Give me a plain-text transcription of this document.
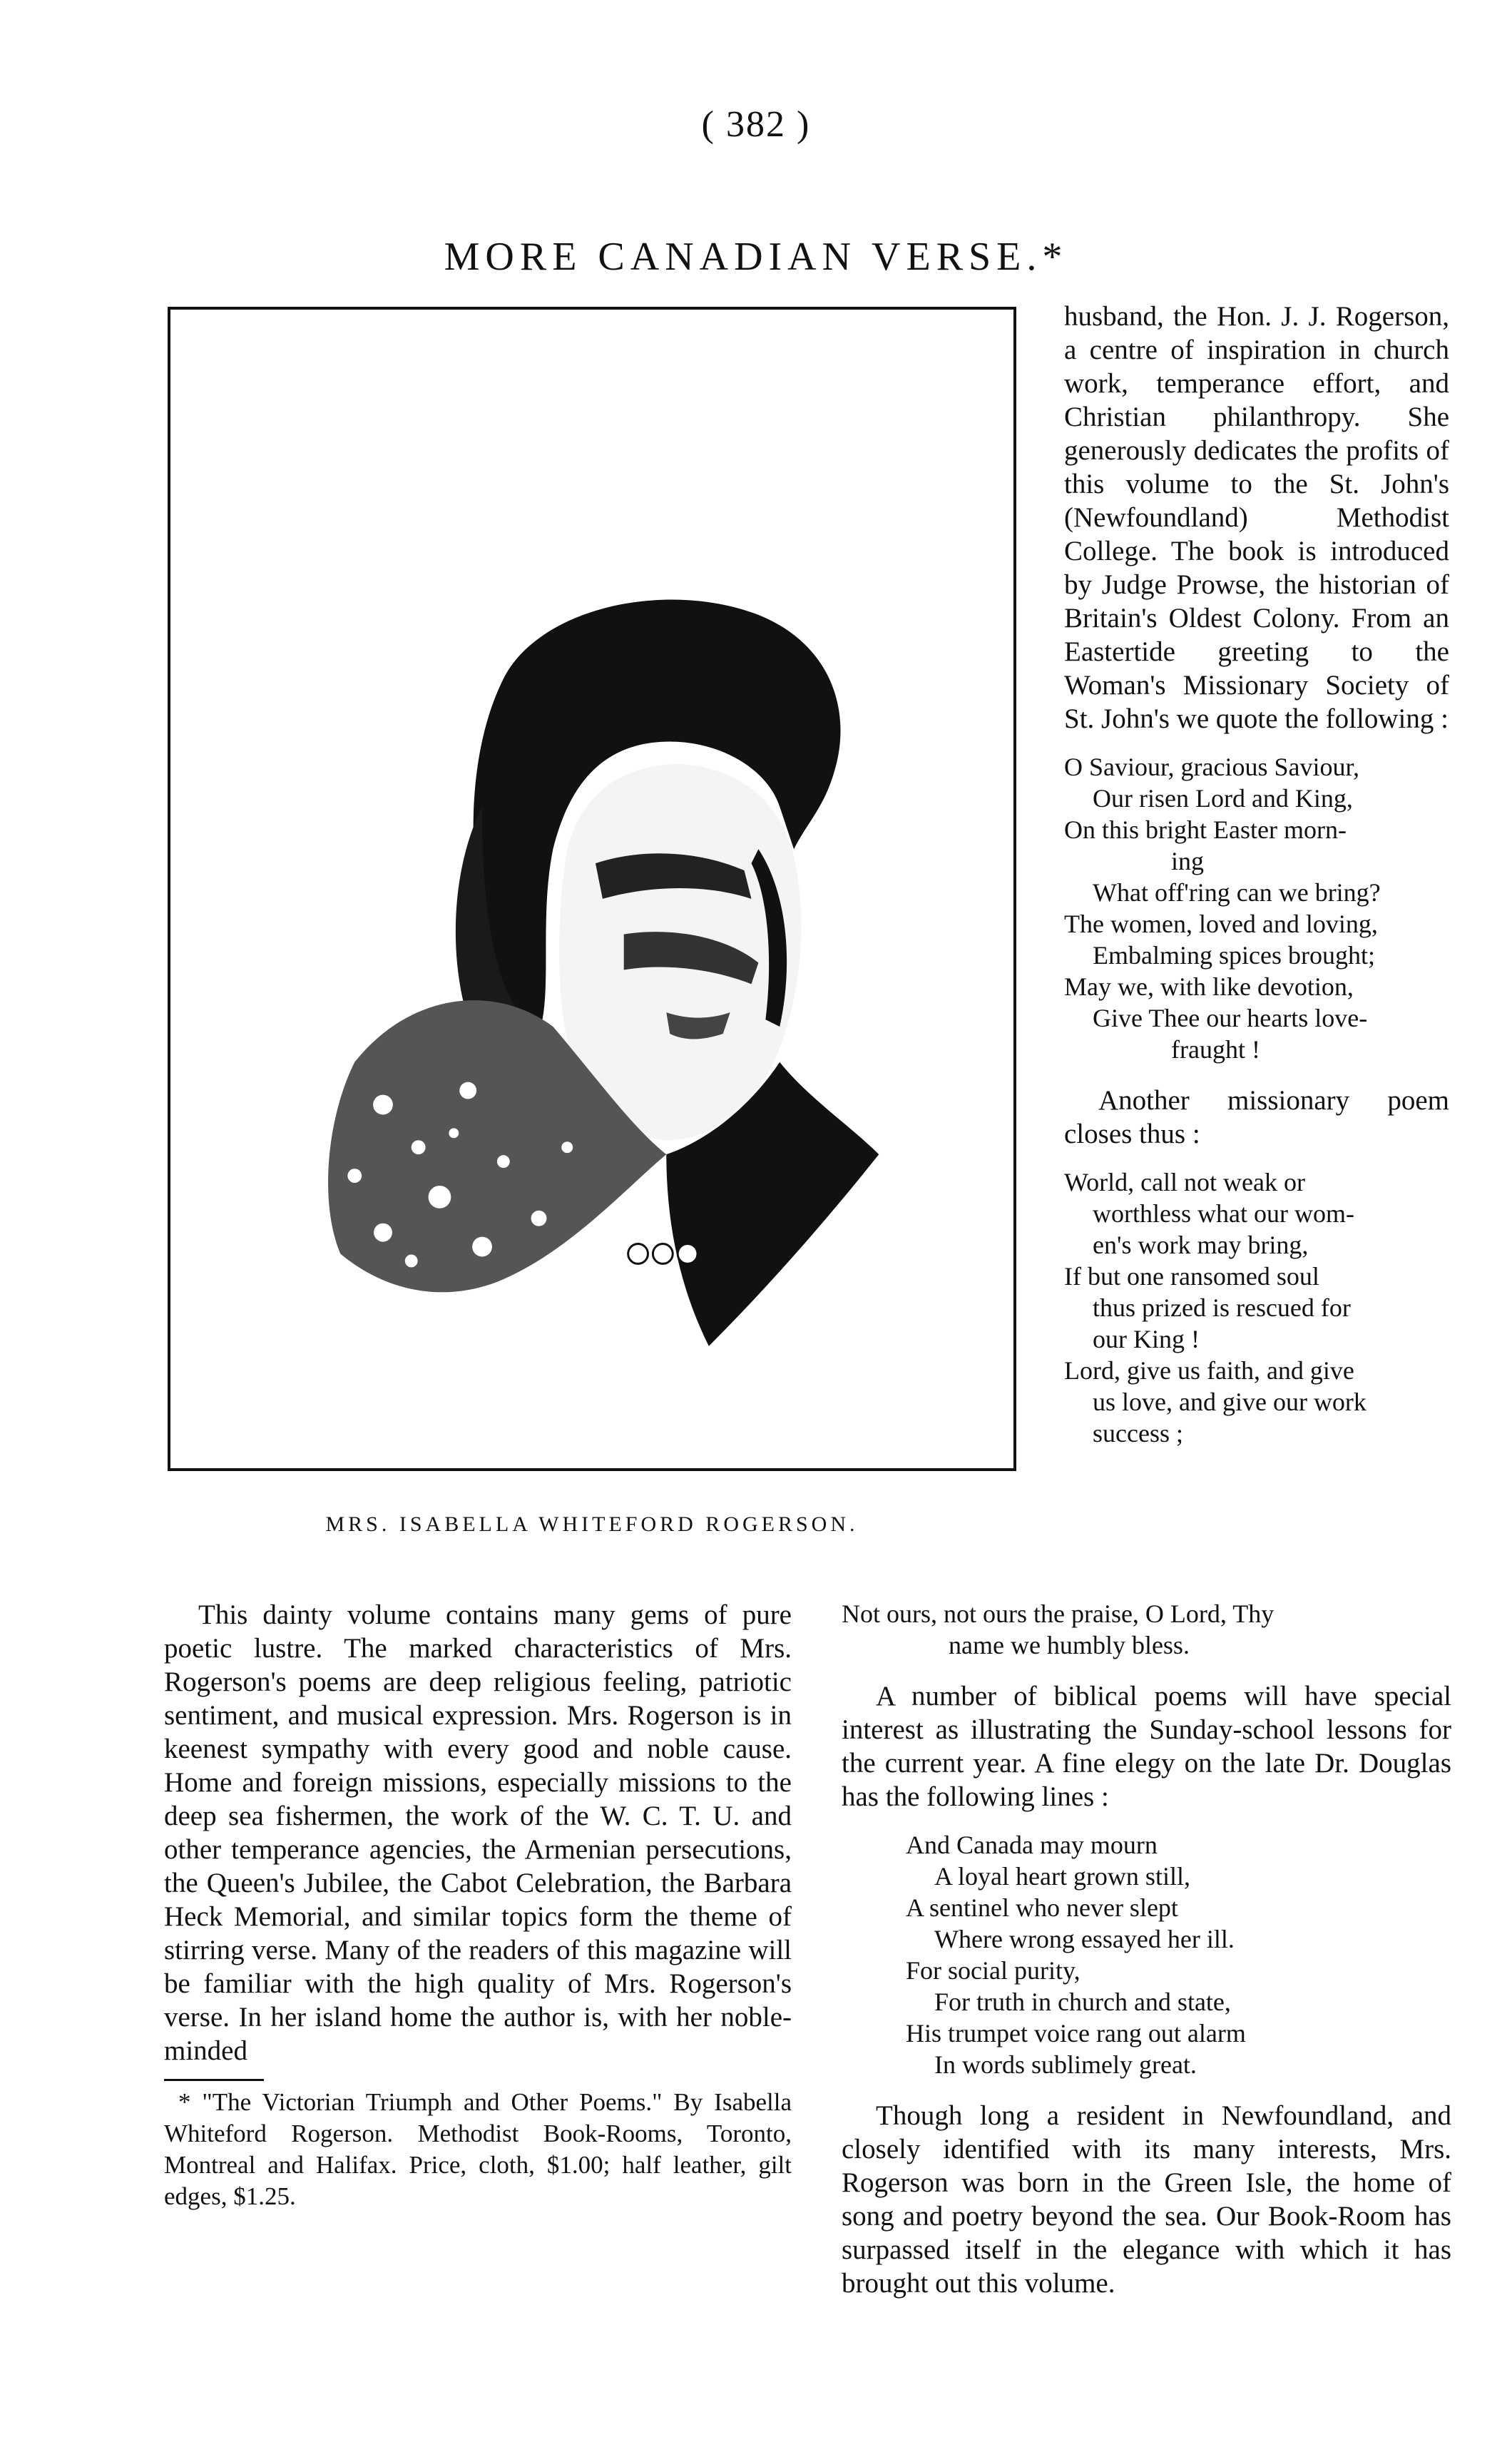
( 382 )
MORE CANADIAN VERSE.*
MRS. ISABELLA WHITEFORD ROGERSON.

husband, the Hon. J. J. Rogerson, a centre of inspiration in church work, temperance effort, and Christian philanthropy. She generously dedicates the profits of this volume to the St. John's (Newfoundland) Methodist College. The book is introduced by Judge Prowse, the historian of Britain's Oldest Colony. From an Eastertide greeting to the Woman's Missionary Society of St. John's we quote the following :

O Saviour, gracious Saviour,
Our risen Lord and King,
On this bright Easter morn-
ing
What off'ring can we bring?
The women, loved and loving,
Embalming spices brought;
May we, with like devotion,
Give Thee our hearts love-
fraught !

Another missionary poem closes thus :

World, call not weak or
worthless what our wom-
en's work may bring,
If but one ransomed soul
thus prized is rescued for
our King !
Lord, give us faith, and give
us love, and give our work
success ;

This dainty volume contains many gems of pure poetic lustre. The marked characteristics of Mrs. Rogerson's poems are deep religious feeling, patriotic sentiment, and musical expression. Mrs. Rogerson is in keenest sympathy with every good and noble cause. Home and foreign missions, especially missions to the deep sea fishermen, the work of the W. C. T. U. and other temperance agencies, the Armenian persecutions, the Queen's Jubilee, the Cabot Celebration, the Barbara Heck Memorial, and similar topics form the theme of stirring verse. Many of the readers of this magazine will be familiar with the high quality of Mrs. Rogerson's verse. In her island home the author is, with her noble-minded

* "The Victorian Triumph and Other Poems." By Isabella Whiteford Rogerson. Methodist Book-Rooms, Toronto, Montreal and Halifax. Price, cloth, $1.00; half leather, gilt edges, $1.25.

Not ours, not ours the praise, O Lord, Thy
name we humbly bless.

A number of biblical poems will have special interest as illustrating the Sunday-school lessons for the current year. A fine elegy on the late Dr. Douglas has the following lines :

And Canada may mourn
A loyal heart grown still,
A sentinel who never slept
Where wrong essayed her ill.
For social purity,
For truth in church and state,
His trumpet voice rang out alarm
In words sublimely great.

Though long a resident in Newfoundland, and closely identified with its many interests, Mrs. Rogerson was born in the Green Isle, the home of song and poetry beyond the sea. Our Book-Room has surpassed itself in the elegance with which it has brought out this volume.
